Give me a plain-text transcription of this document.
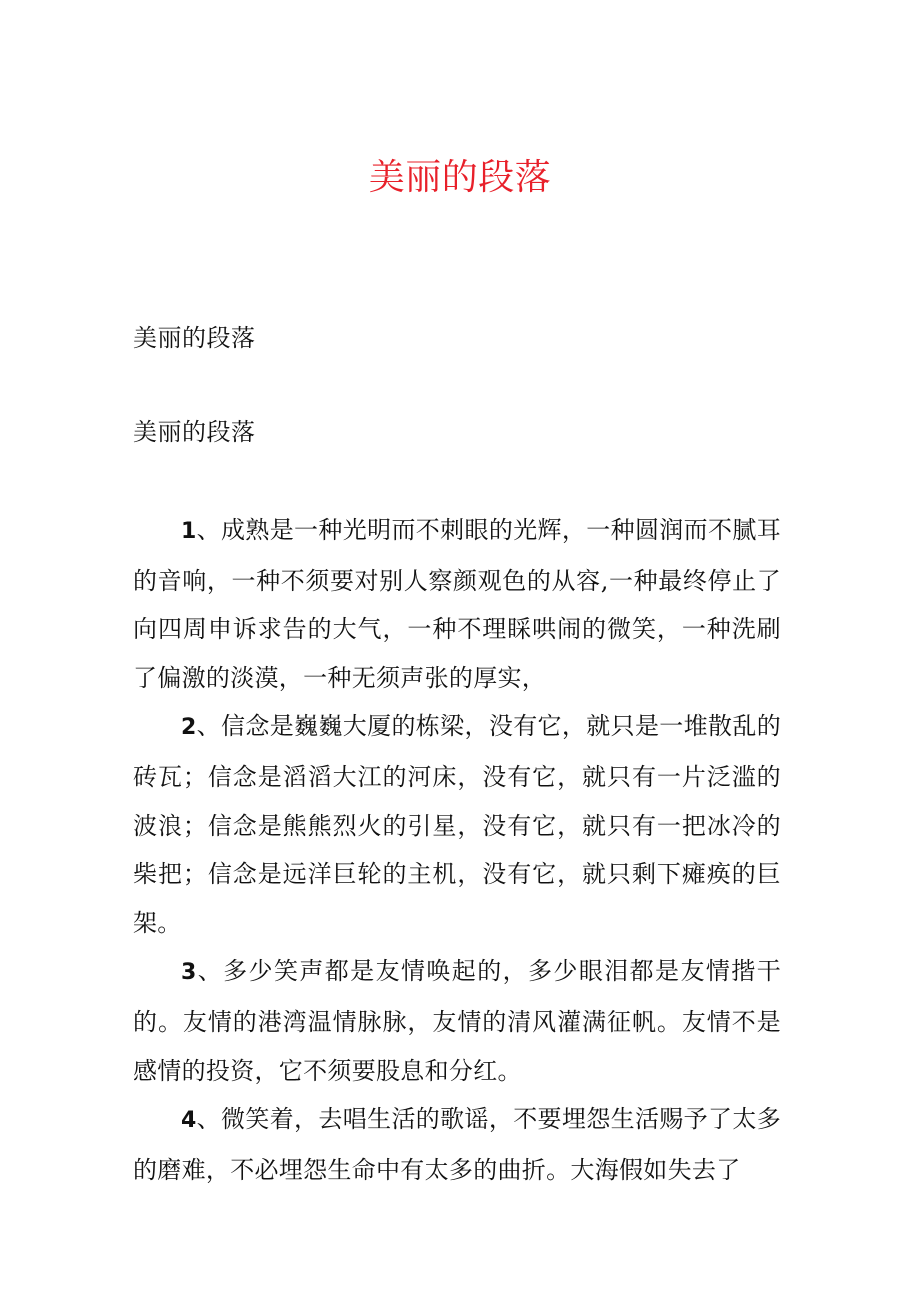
美丽的段落
美丽的段落
美丽的段落

1、成熟是一种光明而不刺眼的光辉，一种圆润而不腻耳的音响，一种不须要对别人察颜观色的从容,一种最终停止了向四周申诉求告的大气，一种不理睬哄闹的微笑，一种洗刷了偏激的淡漠，一种无须声张的厚实，

2、信念是巍巍大厦的栋梁，没有它，就只是一堆散乱的砖瓦；信念是滔滔大江的河床，没有它，就只有一片泛滥的波浪；信念是熊熊烈火的引星，没有它，就只有一把冰冷的柴把；信念是远洋巨轮的主机，没有它，就只剩下瘫痪的巨架。

3、多少笑声都是友情唤起的，多少眼泪都是友情揩干的。友情的港湾温情脉脉，友情的清风灌满征帆。友情不是感情的投资，它不须要股息和分红。

4、微笑着，去唱生活的歌谣，不要埋怨生活赐予了太多的磨难，不必埋怨生命中有太多的曲折。大海假如失去了
